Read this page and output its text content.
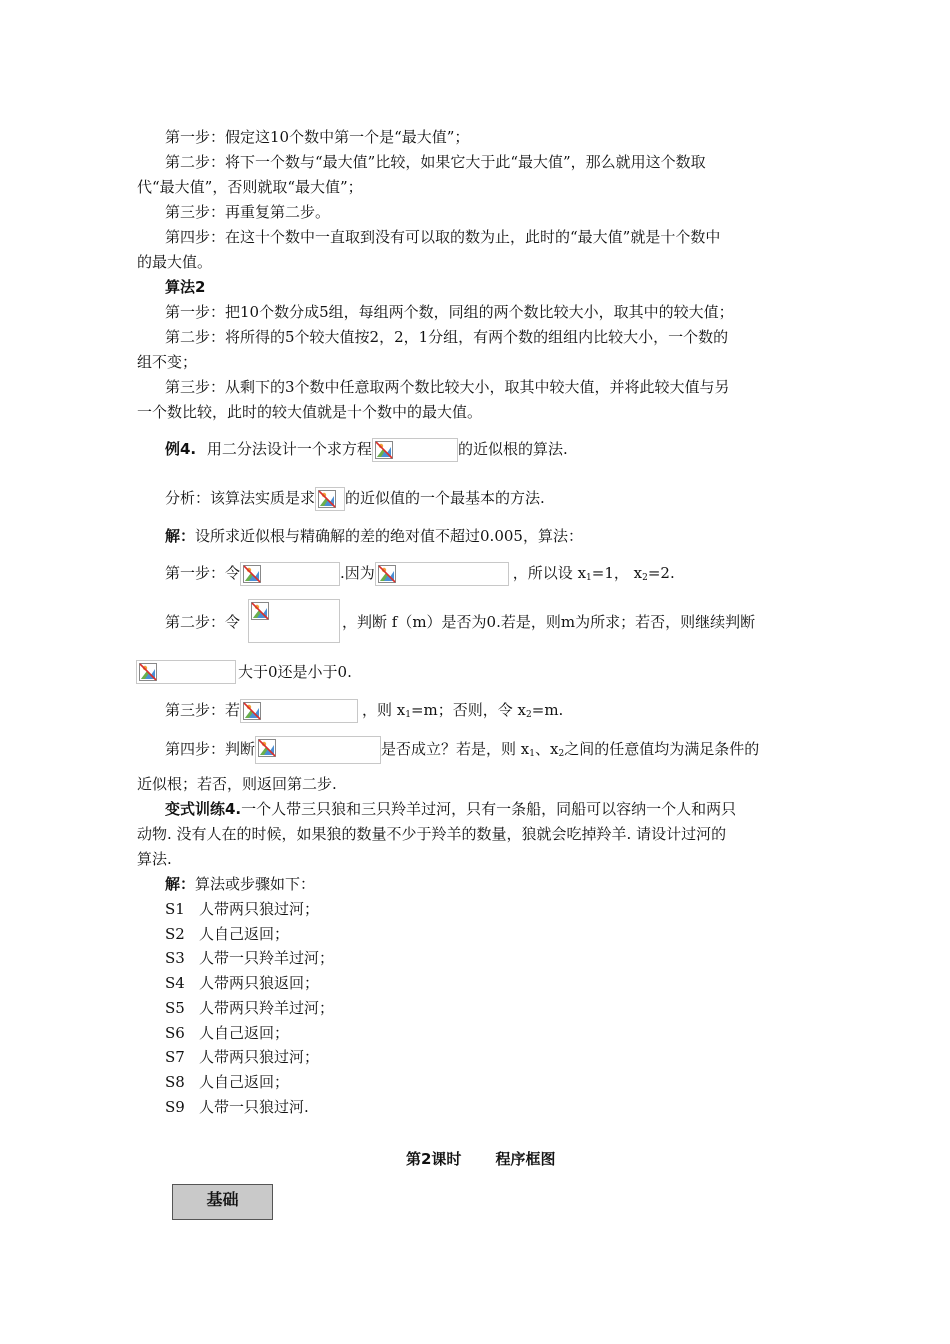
第一步：假定这10个数中第一个是“最大值”；
第二步：将下一个数与“最大值”比较，如果它大于此“最大值”，那么就用这个数取
代“最大值”，否则就取“最大值”；
第三步：再重复第二步。
第四步：在这十个数中一直取到没有可以取的数为止，此时的“最大值”就是十个数中
的最大值。
算法2
第一步：把10个数分成5组，每组两个数，同组的两个数比较大小，取其中的较大值；
第二步：将所得的5个较大值按2，2，1分组，有两个数的组组内比较大小，一个数的
组不变；
第三步：从剩下的3个数中任意取两个数比较大小，取其中较大值，并将此较大值与另
一个数比较，此时的较大值就是十个数中的最大值。
例4. 用二分法设计一个求方程	的近似根的算法.
分析：该算法实质是求 的近似值的一个最基本的方法.
解：设所求近似根与精确解的差的绝对值不超过0.005，算法：
第一步：令	.因为	，所以设 $x_1=1$， $x_2=2$.
第二步：令	，判断 f（m）是否为0.若是，则m为所求；若否，则继续判断
大于0还是小于0.
第三步：若	，则 $x_1=m$；否则，令 $x_2=m$.
第四步：判断	是否成立？若是，则 $x_1$、$x_2$之间的任意值均为满足条件的
近似根；若否，则返回第二步.
变式训练4.一个人带三只狼和三只羚羊过河，只有一条船，同船可以容纳一个人和两只
动物. 没有人在的时候，如果狼的数量不少于羚羊的数量，狼就会吃掉羚羊. 请设计过河的
算法.
解：算法或步骤如下：
S1 人带两只狼过河；
S2 人自己返回；
S3 人带一只羚羊过河；
S4 人带两只狼返回；
S5 人带两只羚羊过河；
S6 人自己返回；
S7 人带两只狼过河；
S8 人自己返回；
S9 人带一只狼过河.
第2课时 程序框图
基础
